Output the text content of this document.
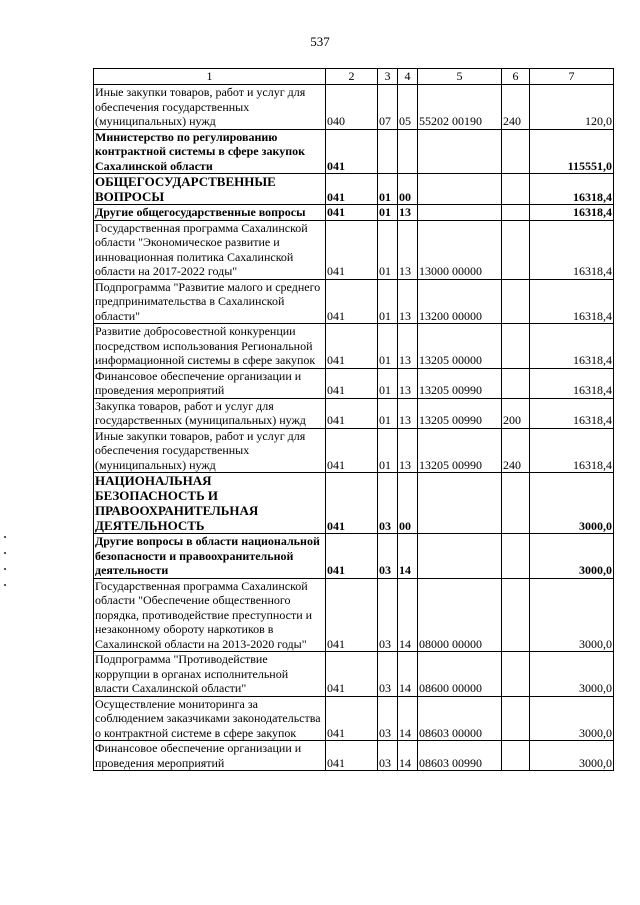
537
1	2	3	4	5	6	7
Иные закупки товаров, работ и услуг для обеспечения государственных (муниципальных) нужд	040	07	05	55202 00190	240	120,0
Министерство по регулированию контрактной системы в сфере закупок Сахалинской области	041					115551,0
ОБЩЕГОСУДАРСТВЕННЫЕ ВОПРОСЫ	041	01	00			16318,4
Другие общегосударственные вопросы	041	01	13			16318,4
Государственная программа Сахалинской области "Экономическое развитие и инновационная политика Сахалинской области на 2017-2022 годы"	041	01	13	13000 00000		16318,4
Подпрограмма "Развитие малого и среднего предпринимательства в Сахалинской области"	041	01	13	13200 00000		16318,4
Развитие добросовестной конкуренции посредством использования Региональной информационной системы в сфере закупок	041	01	13	13205 00000		16318,4
Финансовое обеспечение организации и проведения мероприятий	041	01	13	13205 00990		16318,4
Закупка товаров, работ и услуг для государственных (муниципальных) нужд	041	01	13	13205 00990	200	16318,4
Иные закупки товаров, работ и услуг для обеспечения государственных (муниципальных) нужд	041	01	13	13205 00990	240	16318,4
НАЦИОНАЛЬНАЯ БЕЗОПАСНОСТЬ И ПРАВООХРАНИТЕЛЬНАЯ ДЕЯТЕЛЬНОСТЬ	041	03	00			3000,0
Другие вопросы в области национальной безопасности и правоохранительной деятельности	041	03	14			3000,0
Государственная программа Сахалинской области "Обеспечение общественного порядка, противодействие преступности и незаконному обороту наркотиков в Сахалинской области на 2013-2020 годы"	041	03	14	08000 00000		3000,0
Подпрограмма "Противодействие коррупции в органах исполнительной власти Сахалинской области"	041	03	14	08600 00000		3000,0
Осуществление мониторинга за соблюдением заказчиками законодательства о контрактной системе в сфере закупок	041	03	14	08603 00000		3000,0
Финансовое обеспечение организации и проведения мероприятий	041	03	14	08603 00990		3000,0
